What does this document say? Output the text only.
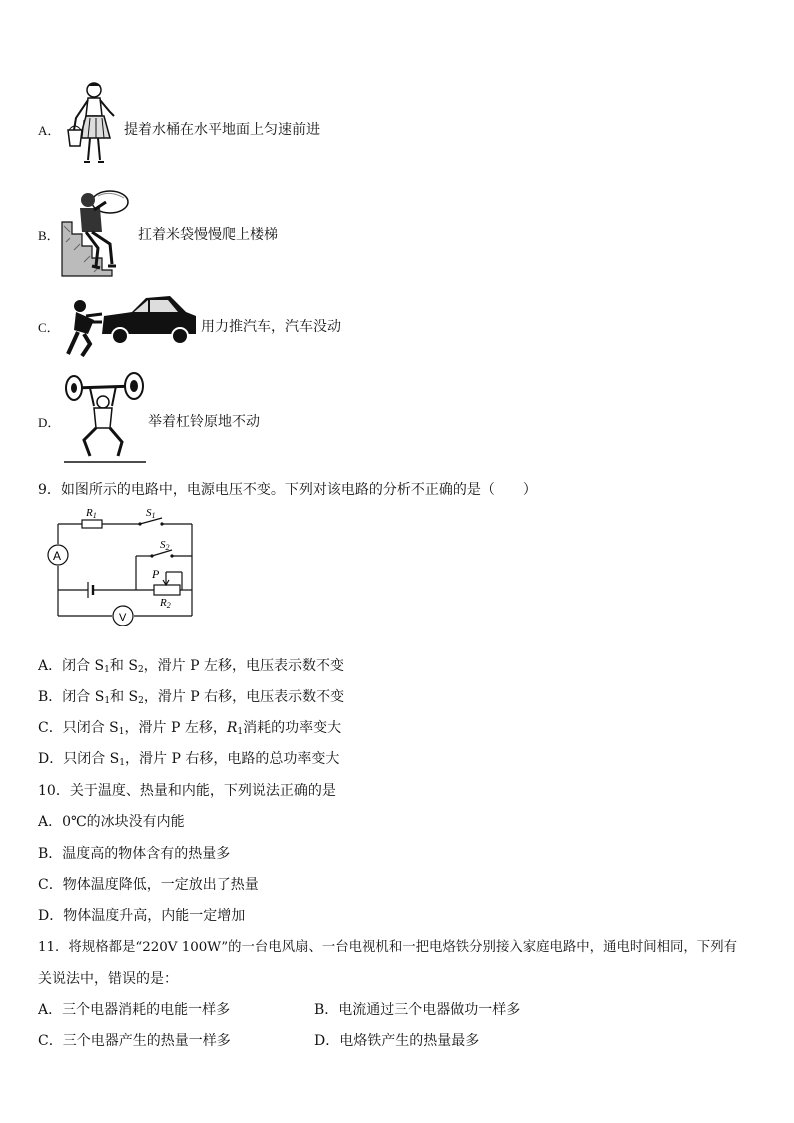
A．	提着水桶在水平地面上匀速前进
B．	扛着米袋慢慢爬上楼梯
C．	用力推汽车，汽车没动
D．	举着杠铃原地不动
9．如图所示的电路中，电源电压不变。下列对该电路的分析不正确的是（　　）
A
V
R1	S1
S2
P
R2
A．闭合 $S_1$和 $S_2$，滑片 P 左移，电压表示数不变
B．闭合 $S_1$和 $S_2$，滑片 P 右移，电压表示数不变
C．只闭合 $S_1$，滑片 P 左移，$R_1$消耗的功率变大
D．只闭合 $S_1$，滑片 P 右移，电路的总功率变大
10．关于温度、热量和内能，下列说法正确的是
A．0℃的冰块没有内能
B．温度高的物体含有的热量多
C．物体温度降低，一定放出了热量
D．物体温度升高，内能一定增加
11．将规格都是“220V 100W”的一台电风扇、一台电视机和一把电烙铁分别接入家庭电路中，通电时间相同，下列有
关说法中，错误的是：
A．三个电器消耗的电能一样多	B．电流通过三个电器做功一样多
C．三个电器产生的热量一样多	D．电烙铁产生的热量最多
